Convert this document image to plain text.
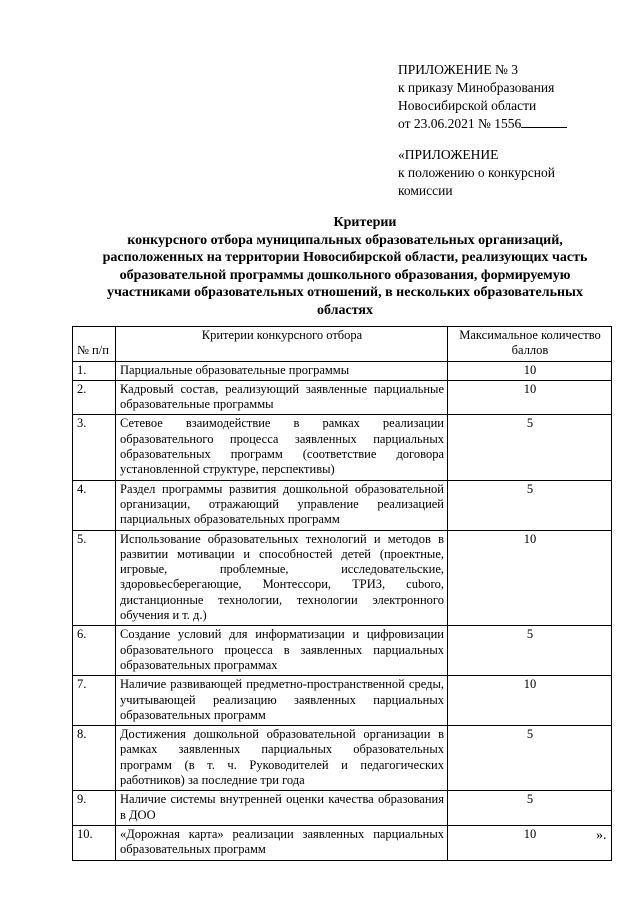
ПРИЛОЖЕНИЕ № 3
к приказу Минобразования
Новосибирской области
от 23.06.2021 № 1556
«ПРИЛОЖЕНИЕ
к положению о конкурсной
комиссии
Критерии
конкурсного отбора муниципальных образовательных организаций, расположенных на территории Новосибирской области, реализующих часть образовательной программы дошкольного образования, формируемую участниками образовательных отношений, в нескольких образовательных областях
№ п/п	Критерии конкурсного отбора	Максимальное количество баллов
1.	Парциальные образовательные программы	10
2.	Кадровый состав, реализующий заявленные парциальные образовательные программы	10
3.	Сетевое взаимодействие в рамках реализации образовательного процесса заявленных парциальных образовательных программ (соответствие договора установленной структуре, перспективы)	5
4.	Раздел программы развития дошкольной образовательной организации, отражающий управление реализацией парциальных образовательных программ	5
5.	Использование образовательных технологий и методов в развитии мотивации и способностей детей (проектные, игровые, проблемные, исследовательские, здоровьесберегающие, Монтессори, ТРИЗ, cuboro, дистанционные технологии, технологии электронного обучения и т. д.)	10
6.	Создание условий для информатизации и цифровизации образовательного процесса в заявленных парциальных образовательных программах	5
7.	Наличие развивающей предметно-пространственной среды, учитывающей реализацию заявленных парциальных образовательных программ	10
8.	Достижения дошкольной образовательной организации в рамках заявленных парциальных образовательных программ (в т. ч. Руководителей и педагогических работников) за последние три года	5
9.	Наличие системы внутренней оценки качества образования в ДОО	5
10.	«Дорожная карта» реализации заявленных парциальных образовательных программ	10	».
